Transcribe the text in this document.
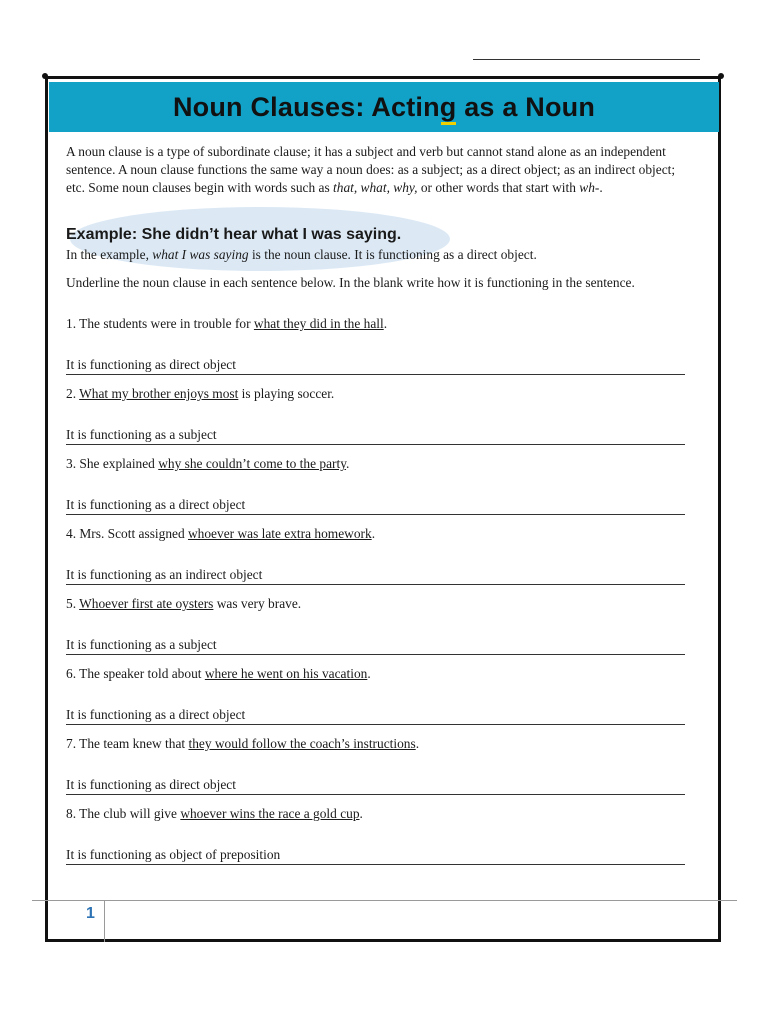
Noun Clauses: Acting as a Noun

A noun clause is a type of subordinate clause; it has a subject and verb but cannot stand alone as an independent sentence. A noun clause functions the same way a noun does: as a subject; as a direct object; as an indirect object; etc. Some noun clauses begin with words such as that, what, why, or other words that start with wh-.

Example: She didn’t hear what I was saying.

In the example, what I was saying is the noun clause. It is functioning as a direct object.

Underline the noun clause in each sentence below. In the blank write how it is functioning in the sentence.

1. The students were in trouble for what they did in the hall.

It is functioning as direct object

2. What my brother enjoys most is playing soccer.

It is functioning as a subject

3. She explained why she couldn’t come to the party.

It is functioning as a direct object

4. Mrs. Scott assigned whoever was late extra homework.

It is functioning as an indirect object

5. Whoever first ate oysters was very brave.

It is functioning as a subject

6. The speaker told about where he went on his vacation.

It is functioning as a direct object

7. The team knew that they would follow the coach’s instructions.

It is functioning as direct object

8. The club will give whoever wins the race a gold cup.

It is functioning as object of preposition
1
